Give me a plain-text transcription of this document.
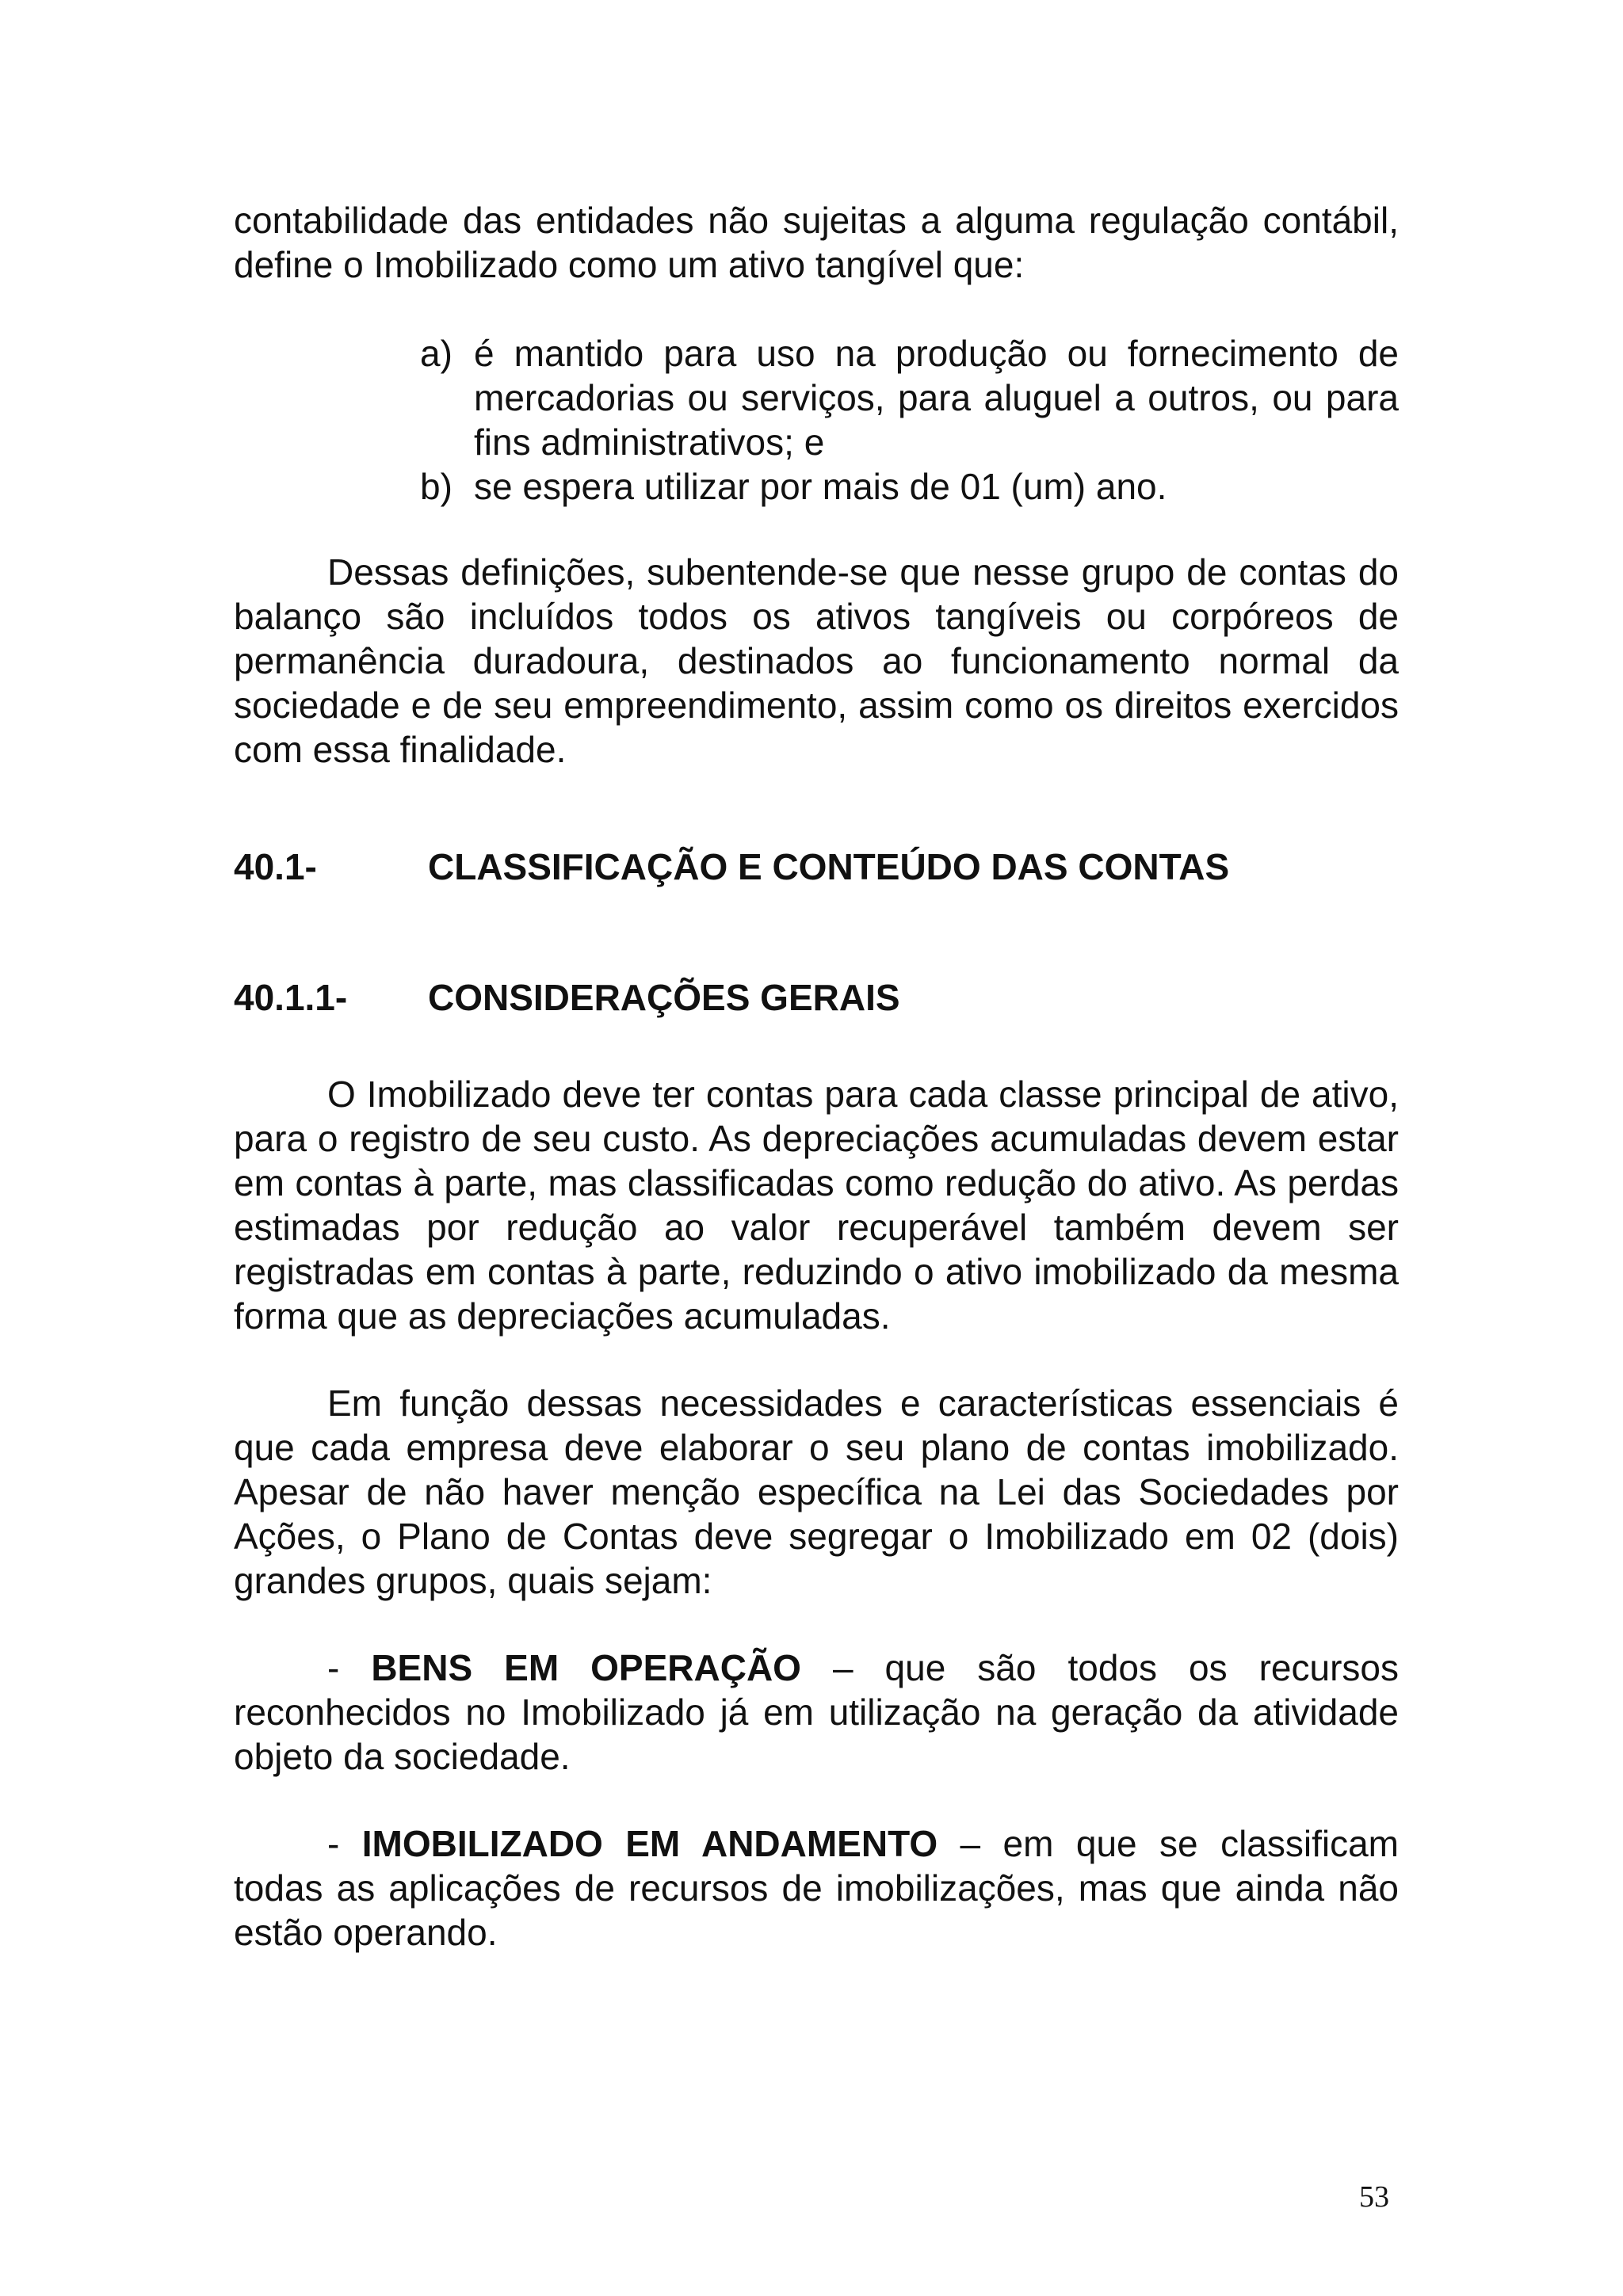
contabilidade das entidades não sujeitas a alguma regulação contábil, define o Imobilizado como um ativo tangível que:

a) é mantido para uso na produção ou fornecimento de mercadorias ou serviços, para aluguel a outros, ou para fins administrativos; e
b) se espera utilizar por mais de 01 (um) ano.

Dessas definições, subentende-se que nesse grupo de contas do balanço são incluídos todos os ativos tangíveis ou corpóreos de permanência duradoura, destinados ao funcionamento normal da sociedade e de seu empreendimento, assim como os direitos exercidos com essa finalidade.

40.1-	CLASSIFICAÇÃO E CONTEÚDO DAS CONTAS
40.1.1-	CONSIDERAÇÕES GERAIS

O Imobilizado deve ter contas para cada classe principal de ativo, para o registro de seu custo. As depreciações acumuladas devem estar em contas à parte, mas classificadas como redução do ativo. As perdas estimadas por redução ao valor recuperável também devem ser registradas em contas à parte, reduzindo o ativo imobilizado da mesma forma que as depreciações acumuladas.

Em função dessas necessidades e características essenciais é que cada empresa deve elaborar o seu plano de contas imobilizado. Apesar de não haver menção específica na Lei das Sociedades por Ações, o Plano de Contas deve segregar o Imobilizado em 02 (dois) grandes grupos, quais sejam:

- BENS EM OPERAÇÃO – que são todos os recursos reconhecidos no Imobilizado já em utilização na geração da atividade objeto da sociedade.

- IMOBILIZADO EM ANDAMENTO – em que se classificam todas as aplicações de recursos de imobilizações, mas que ainda não estão operando.

53
